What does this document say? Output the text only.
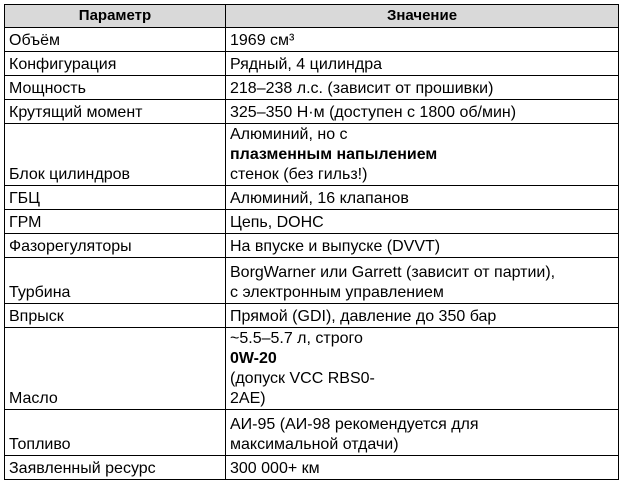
Параметр	Значение
Объём	1969 см³
Конфигурация	Рядный, 4 цилиндра
Мощность	218–238 л.с. (зависит от прошивки)
Крутящий момент	325–350 Н·м (доступен с 1800 об/мин)
Блок цилиндров	Алюминий, но с
плазменным напылением
стенок (без гильз!)

ГБЦ	Алюминий, 16 клапанов
ГРМ	Цепь, DOHC
Фазорегуляторы	На впуске и выпуске (DVVT)
Турбина	BorgWarner или Garrett (зависит от партии),
с электронным управлением

Впрыск	Прямой (GDI), давление до 350 бар
Масло	~5.5–5.7 л, строго
0W-20
(допуск VCC RBS0-
2AE)

Топливо	АИ-95 (АИ-98 рекомендуется для
максимальной отдачи)

Заявленный ресурс	300 000+ км
